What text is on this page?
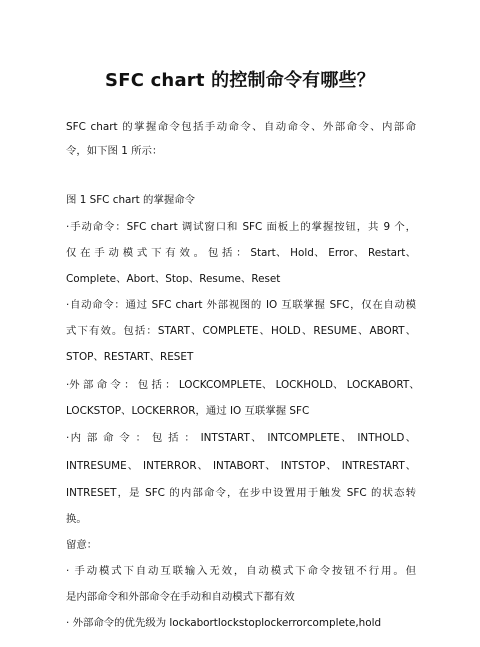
SFC chart 的控制命令有哪些？
SFC chart 的掌握命令包括手动命令、自动命令、外部命令、内部命
令，如下图 1 所示：
图 1 SFC chart 的掌握命令
·手动命令：SFC chart 调试窗口和 SFC 面板上的掌握按钮，共 9 个，
仅 在 手 动 模 式 下 有 效 。 包 括 ： Start、 Hold、 Error、 Restart、
Complete、Abort、Stop、Resume、Reset
·自动命令：通过 SFC chart 外部视图的 IO 互联掌握 SFC，仅在自动模
式下有效。包括：START、COMPLETE、HOLD、RESUME、ABORT、
STOP、RESTART、RESET
·外 部 命 令 ： 包 括 ： LOCKCOMPLETE、 LOCKHOLD、 LOCKABORT、
LOCKSTOP、LOCKERROR，通过 IO 互联掌握 SFC
·内 部 命 令 ： 包 括 ： INTSTART、 INTCOMPLETE、 INTHOLD、
INTRESUME、 INTERROR、 INTABORT、 INTSTOP、 INTRESTART、
INTRESET，是 SFC 的内部命令，在步中设置用于触发 SFC 的状态转
换。
留意：
· 手动模式下自动互联输入无效，自动模式下命令按钮不行用。但
是内部命令和外部命令在手动和自动模式下都有效
· 外部命令的优先级为 lockabortlockstoplockerrorcomplete,hold
